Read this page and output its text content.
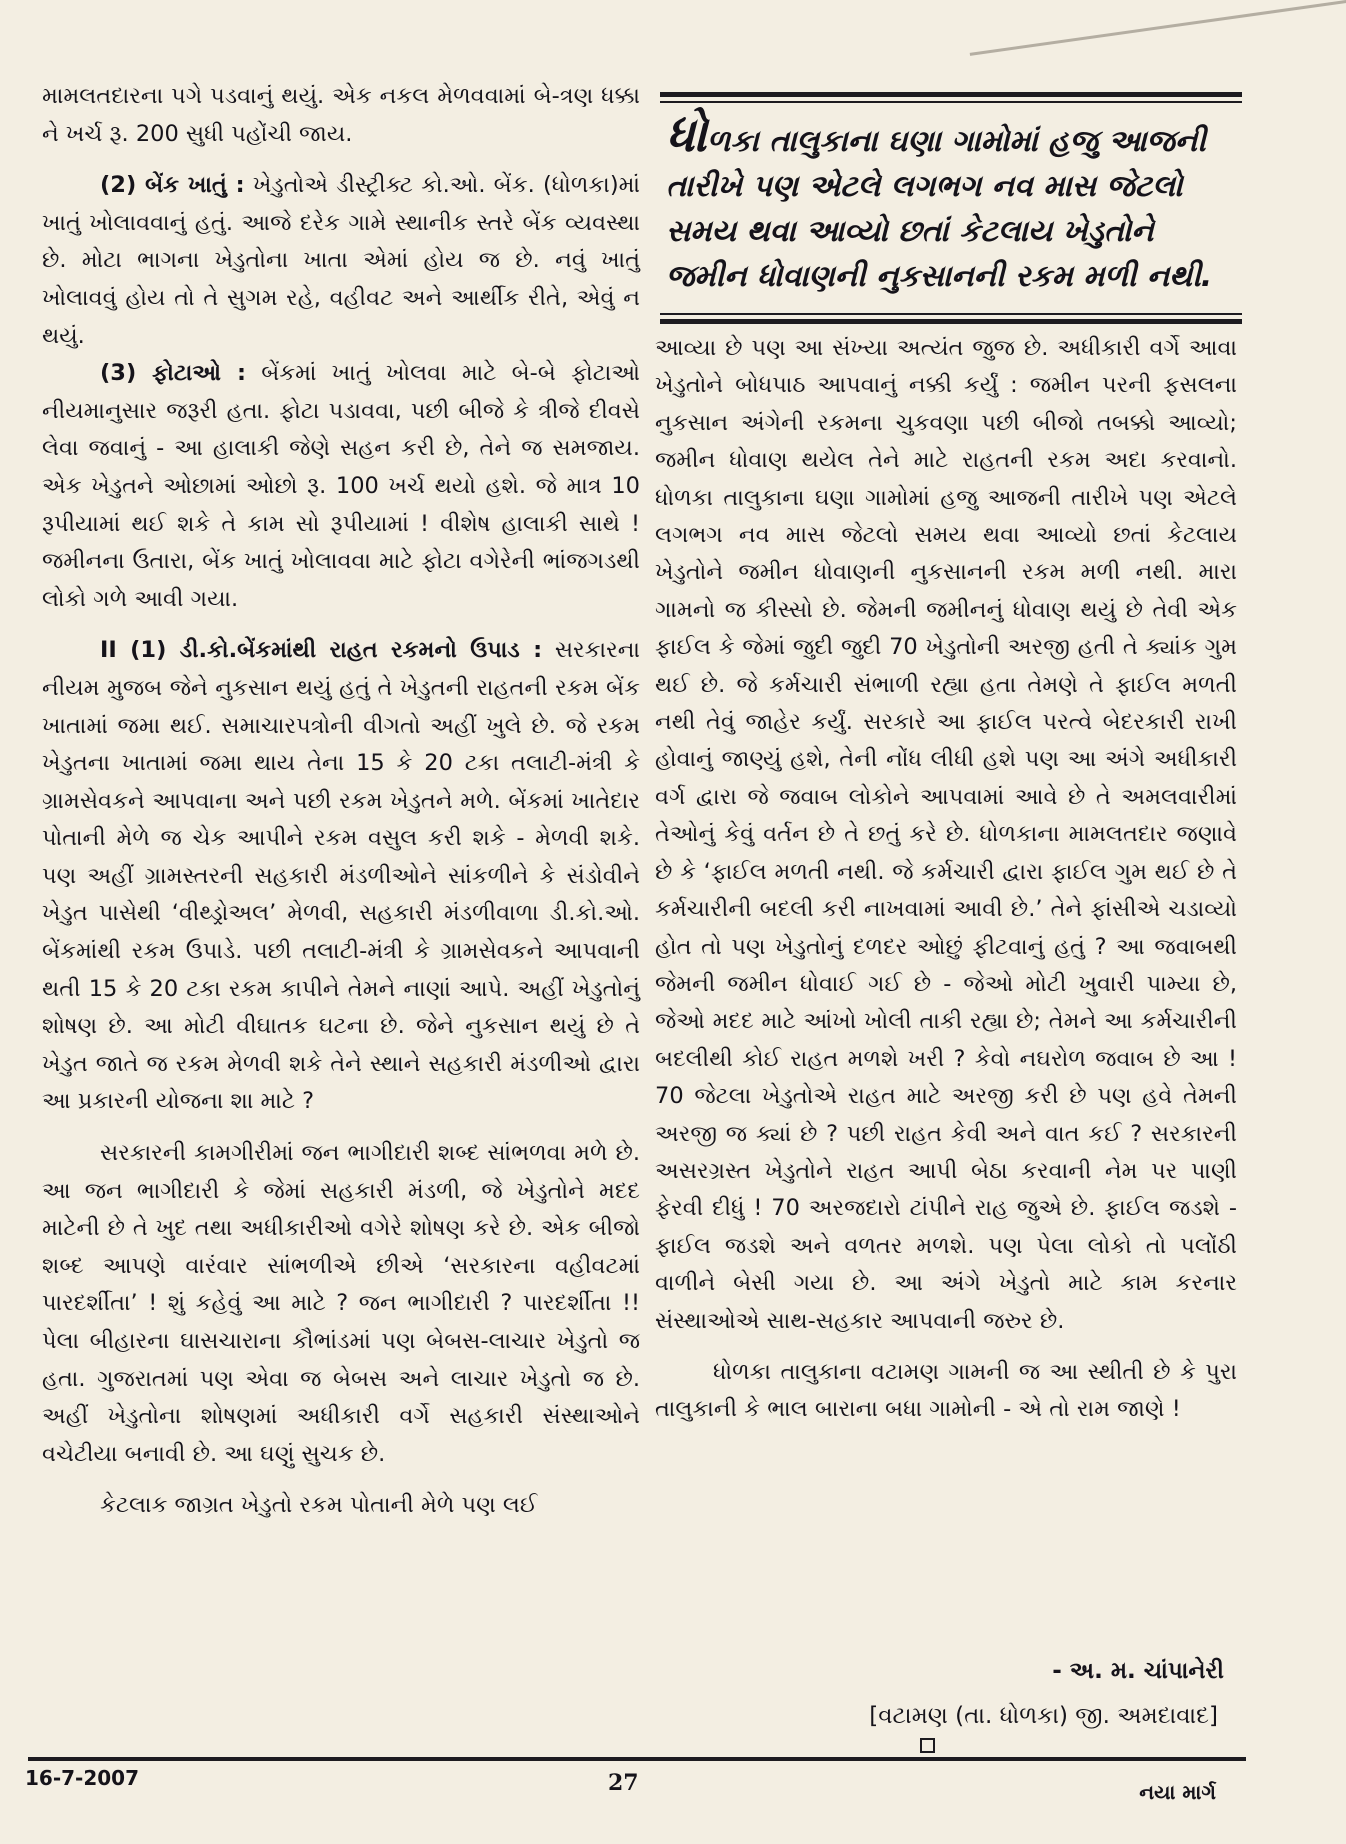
મામલતદારના પગે પડવાનું થયું. એક નકલ મેળવવામાં બે-ત્રણ ધક્કા ને ખર્ચ રૂ. 200 સુધી પહોંચી જાય.

(2) બેંક ખાતું : ખેડુતોએ ડીસ્ટ્રીક્ટ કો.ઓ. બેંક. (ધોળકા)માં ખાતું ખોલાવવાનું હતું. આજે દરેક ગામે સ્થાનીક સ્તરે બેંક વ્યવસ્થા છે. મોટા ભાગના ખેડુતોના ખાતા એમાં હોય જ છે. નવું ખાતું ખોલાવવું હોય તો તે સુગમ રહે, વહીવટ અને આર્થીક રીતે, એવું ન થયું.

(3) ફોટાઓ : બેંકમાં ખાતું ખોલવા માટે બે-બે ફોટાઓ નીયમાનુસાર જરૂરી હતા. ફોટા પડાવવા, પછી બીજે કે ત્રીજે દીવસે લેવા જવાનું - આ હાલાકી જેણે સહન કરી છે, તેને જ સમજાય. એક ખેડુતને ઓછામાં ઓછો રૂ. 100 ખર્ચ થયો હશે. જે માત્ર 10 રૂપીયામાં થઈ શકે તે કામ સો રૂપીયામાં ! વીશેષ હાલાકી સાથે ! જમીનના ઉતારા, બેંક ખાતું ખોલાવવા માટે ફોટા વગેરેની ભાંજગડથી લોકો ગળે આવી ગયા.

II (1) ડી.કો.બેંકમાંથી રાહત રકમનો ઉપાડ : સરકારના નીયમ મુજબ જેને નુકસાન થયું હતું તે ખેડુતની રાહતની રકમ બેંક ખાતામાં જમા થઈ. સમાચારપત્રોની વીગતો અહીં ખુલે છે. જે રકમ ખેડુતના ખાતામાં જમા થાય તેના 15 કે 20 ટકા તલાટી-મંત્રી કે ગ્રામસેવકને આપવાના અને પછી રકમ ખેડુતને મળે. બેંકમાં ખાતેદાર પોતાની મેળે જ ચેક આપીને રકમ વસુલ કરી શકે - મેળવી શકે. પણ અહીં ગ્રામસ્તરની સહકારી મંડળીઓને સાંકળીને કે સંડોવીને ખેડુત પાસેથી ‘વીથ્ડ્રોઅલ’ મેળવી, સહકારી મંડળીવાળા ડી.કો.ઓ. બેંકમાંથી રકમ ઉપાડે. પછી તલાટી-મંત્રી કે ગ્રામસેવકને આપવાની થતી 15 કે 20 ટકા રકમ કાપીને તેમને નાણાં આપે. અહીં ખેડુતોનું શોષણ છે. આ મોટી વીઘાતક ઘટના છે. જેને નુકસાન થયું છે તે ખેડુત જાતે જ રકમ મેળવી શકે તેને સ્થાને સહકારી મંડળીઓ દ્વારા આ પ્રકારની યોજના શા માટે ?

સરકારની કામગીરીમાં જન ભાગીદારી શબ્દ સાંભળવા મળે છે. આ જન ભાગીદારી કે જેમાં સહકારી મંડળી, જે ખેડુતોને મદદ માટેની છે તે ખુદ તથા અધીકારીઓ વગેરે શોષણ કરે છે. એક બીજો શબ્દ આપણે વારંવાર સાંભળીએ છીએ ‘સરકારના વહીવટમાં પારદર્શીતા’ ! શું કહેવું આ માટે ? જન ભાગીદારી ? પારદર્શીતા !! પેલા બીહારના ઘાસચારાના કૌભાંડમાં પણ બેબસ-લાચાર ખેડુતો જ હતા. ગુજરાતમાં પણ એવા જ બેબસ અને લાચાર ખેડુતો જ છે. અહીં ખેડુતોના શોષણમાં અધીકારી વર્ગે સહકારી સંસ્થાઓને વચેટીયા બનાવી છે. આ ઘણું સુચક છે.

કેટલાક જાગ્રત ખેડુતો રકમ પોતાની મેળે પણ લઈ

ધોળકા તાલુકાના ઘણા ગામોમાં હજુ આજની તારીખે પણ એટલે લગભગ નવ માસ જેટલો સમય થવા આવ્યો છતાં કેટલાય ખેડુતોને જમીન ધોવાણની નુકસાનની રકમ મળી નથી.

આવ્યા છે પણ આ સંખ્યા અત્યંત જુજ છે. અધીકારી વર્ગે આવા ખેડુતોને બોધપાઠ આપવાનું નક્કી કર્યું : જમીન પરની ફસલના નુકસાન અંગેની રકમના ચુકવણા પછી બીજો તબક્કો આવ્યો; જમીન ધોવાણ થયેલ તેને માટે રાહતની રકમ અદા કરવાનો. ધોળકા તાલુકાના ઘણા ગામોમાં હજુ આજની તારીખે પણ એટલે લગભગ નવ માસ જેટલો સમય થવા આવ્યો છતાં કેટલાય ખેડુતોને જમીન ધોવાણની નુકસાનની રકમ મળી નથી. મારા ગામનો જ કીસ્સો છે. જેમની જમીનનું ધોવાણ થયું છે તેવી એક ફાઈલ કે જેમાં જુદી જુદી 70 ખેડુતોની અરજી હતી તે ક્યાંક ગુમ થઈ છે. જે કર્મચારી સંભાળી રહ્યા હતા તેમણે તે ફાઈલ મળતી નથી તેવું જાહેર કર્યું. સરકારે આ ફાઈલ પરત્વે બેદરકારી રાખી હોવાનું જાણ્યું હશે, તેની નોંધ લીધી હશે પણ આ અંગે અધીકારી વર્ગ દ્વારા જે જવાબ લોકોને આપવામાં આવે છે તે અમલવારીમાં તેઓનું કેવું વર્તન છે તે છતું કરે છે. ધોળકાના મામલતદાર જણાવે છે કે ‘ફાઈલ મળતી નથી. જે કર્મચારી દ્વારા ફાઈલ ગુમ થઈ છે તે કર્મચારીની બદલી કરી નાખવામાં આવી છે.’ તેને ફાંસીએ ચડાવ્યો હોત તો પણ ખેડુતોનું દળદર ઓછું ફીટવાનું હતું ? આ જવાબથી જેમની જમીન ધોવાઈ ગઈ છે - જેઓ મોટી ખુવારી પામ્યા છે, જેઓ મદદ માટે આંખો ખોલી તાકી રહ્યા છે; તેમને આ કર્મચારીની બદલીથી કોઈ રાહત મળશે ખરી ? કેવો નઘરોળ જવાબ છે આ ! 70 જેટલા ખેડુતોએ રાહત માટે અરજી કરી છે પણ હવે તેમની અરજી જ ક્યાં છે ? પછી રાહત કેવી અને વાત કઈ ? સરકારની અસરગ્રસ્ત ખેડુતોને રાહત આપી બેઠા કરવાની નેમ પર પાણી ફેરવી દીધું ! 70 અરજદારો ટાંપીને રાહ જુએ છે. ફાઈલ જડશે - ફાઈલ જડશે અને વળતર મળશે. પણ પેલા લોકો તો પલોંઠી વાળીને બેસી ગયા છે. આ અંગે ખેડુતો માટે કામ કરનાર સંસ્થાઓએ સાથ-સહકાર આપવાની જરુર છે.

ધોળકા તાલુકાના વટામણ ગામની જ આ સ્થીતી છે કે પુરા તાલુકાની કે ભાલ બારાના બધા ગામોની - એ તો રામ જાણે !

- અ. મ. ચાંપાનેરી
[વટામણ (તા. ધોળકા) જી. અમદાવાદ]
16-7-2007	27	નયા માર્ગ
